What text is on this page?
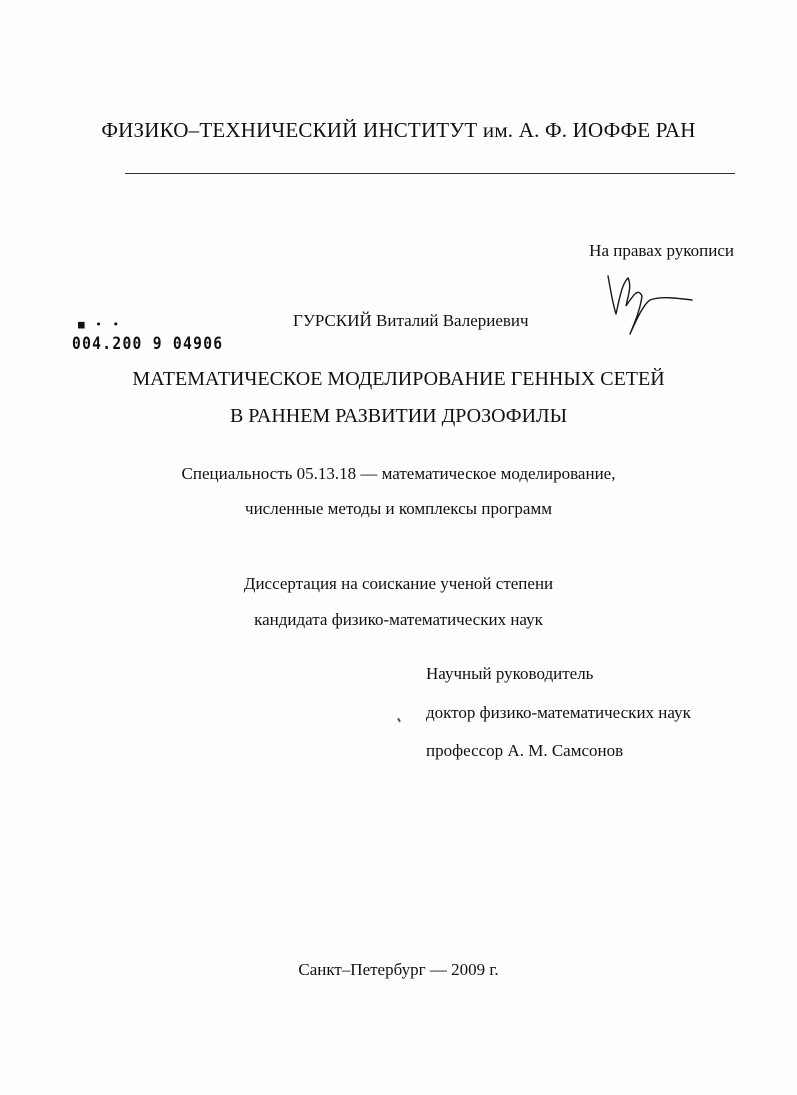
ФИЗИКО–ТЕХНИЧЕСКИЙ ИНСТИТУТ им. А. Ф. ИОФФЕ РАН
На правах рукописи
ГУРСКИЙ Виталий Валериевич
■ • •
004.200 9 04906
МАТЕМАТИЧЕСКОЕ МОДЕЛИРОВАНИЕ ГЕННЫХ СЕТЕЙ
В РАННЕМ РАЗВИТИИ ДРОЗОФИЛЫ
Специальность 05.13.18 — математическое моделирование,
численные методы и комплексы программ
Диссертация на соискание ученой степени
кандидата физико-математических наук
Научный руководитель
доктор физико-математических наук
профессор А. М. Самсонов
Санкт–Петербург — 2009 г.
